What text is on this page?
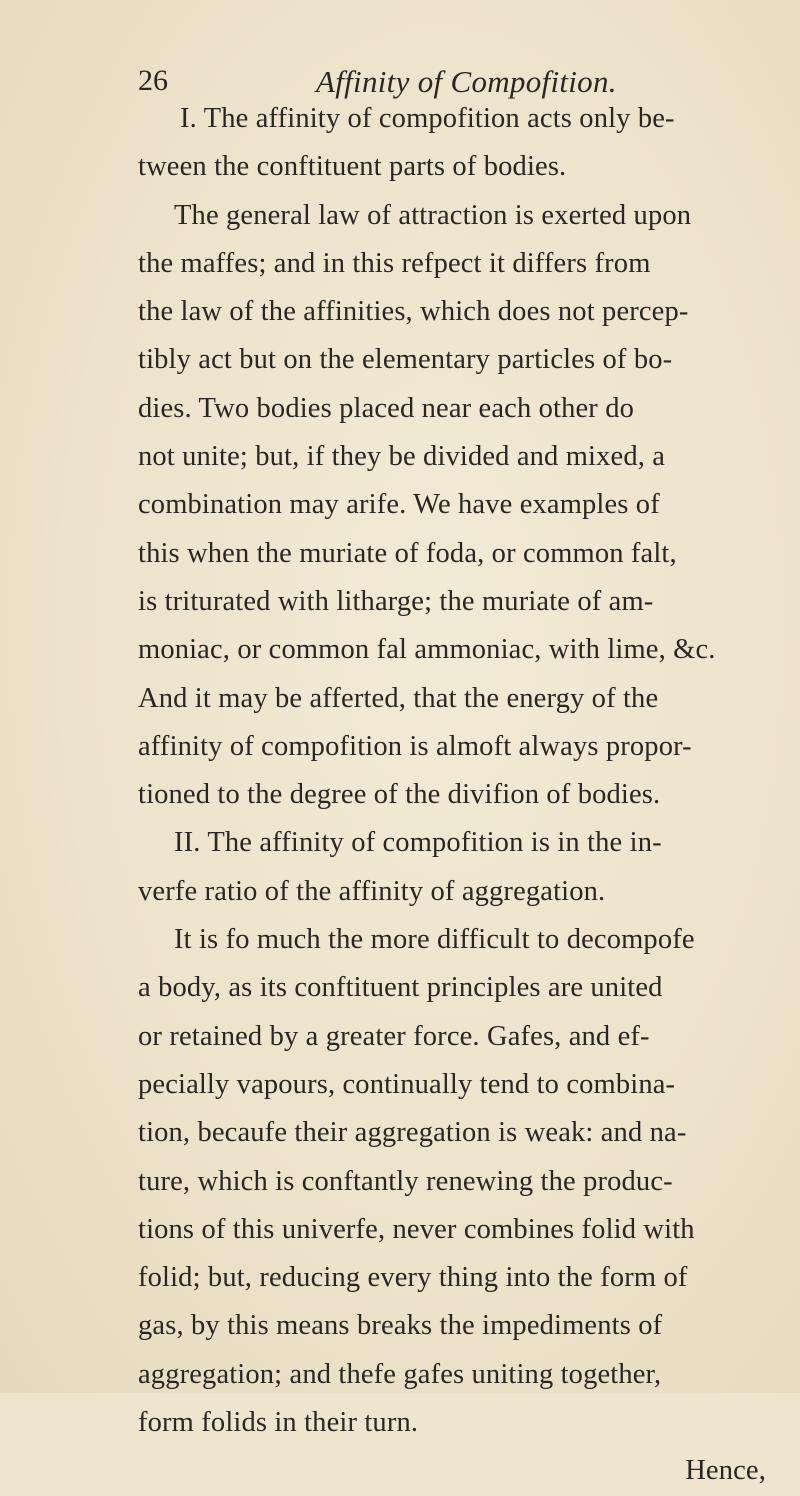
26	Affinity of Compofition.
I. The affinity of compofition acts only be-
tween the conftituent parts of bodies.
The general law of attraction is exerted upon
the maffes; and in this refpect it differs from
the law of the affinities, which does not percep-
tibly act but on the elementary particles of bo-
dies. Two bodies placed near each other do
not unite; but, if they be divided and mixed, a
combination may arife. We have examples of
this when the muriate of foda, or common falt,
is triturated with litharge; the muriate of am-
moniac, or common fal ammoniac, with lime, &c.
And it may be afferted, that the energy of the
affinity of compofition is almoft always propor-
tioned to the degree of the divifion of bodies.
II. The affinity of compofition is in the in-
verfe ratio of the affinity of aggregation.
It is fo much the more difficult to decompofe
a body, as its conftituent principles are united
or retained by a greater force. Gafes, and ef-
pecially vapours, continually tend to combina-
tion, becaufe their aggregation is weak: and na-
ture, which is conftantly renewing the produc-
tions of this univerfe, never combines folid with
folid; but, reducing every thing into the form of
gas, by this means breaks the impediments of
aggregation; and thefe gafes uniting together,
form folids in their turn.
Hence,
